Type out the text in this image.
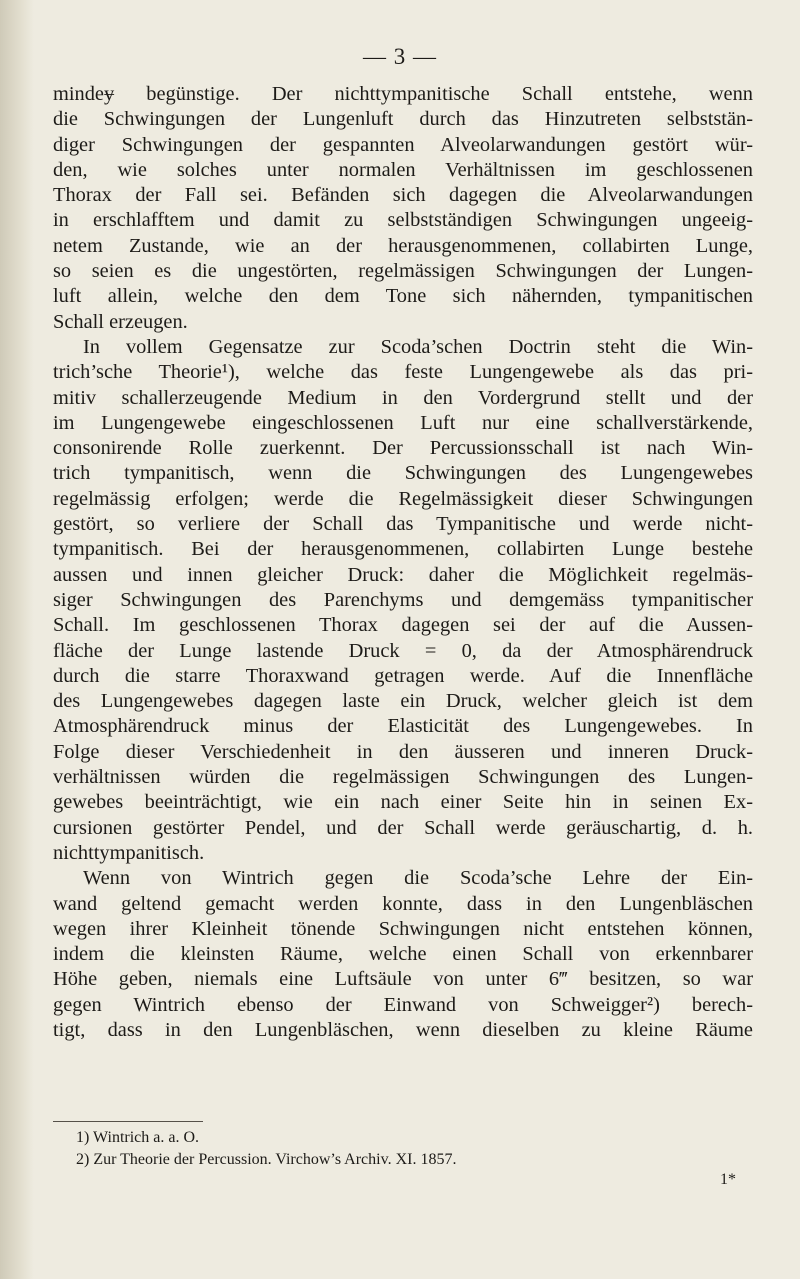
— 3 —
mindeɏ begünstige. Der nichttympanitische Schall entstehe, wenn
die Schwingungen der Lungenluft durch das Hinzutreten selbststän-
diger Schwingungen der gespannten Alveolarwandungen gestört wür-
den, wie solches unter normalen Verhältnissen im geschlossenen
Thorax der Fall sei. Befänden sich dagegen die Alveolarwandungen
in erschlafftem und damit zu selbstständigen Schwingungen ungeeig-
netem Zustande, wie an der herausgenommenen, collabirten Lunge,
so seien es die ungestörten, regelmässigen Schwingungen der Lungen-
luft allein, welche den dem Tone sich nähernden, tympanitischen
Schall erzeugen.
In vollem Gegensatze zur Scoda’schen Doctrin steht die Win-
trich’sche Theorie¹), welche das feste Lungengewebe als das pri-
mitiv schallerzeugende Medium in den Vordergrund stellt und der
im Lungengewebe eingeschlossenen Luft nur eine schallverstärkende,
consonirende Rolle zuerkennt. Der Percussionsschall ist nach Win-
trich tympanitisch, wenn die Schwingungen des Lungengewebes
regelmässig erfolgen; werde die Regelmässigkeit dieser Schwingungen
gestört, so verliere der Schall das Tympanitische und werde nicht-
tympanitisch. Bei der herausgenommenen, collabirten Lunge bestehe
aussen und innen gleicher Druck: daher die Möglichkeit regelmäs-
siger Schwingungen des Parenchyms und demgemäss tympanitischer
Schall. Im geschlossenen Thorax dagegen sei der auf die Aussen-
fläche der Lunge lastende Druck = 0, da der Atmosphärendruck
durch die starre Thoraxwand getragen werde. Auf die Innenfläche
des Lungengewebes dagegen laste ein Druck, welcher gleich ist dem
Atmosphärendruck minus der Elasticität des Lungengewebes. In
Folge dieser Verschiedenheit in den äusseren und inneren Druck-
verhältnissen würden die regelmässigen Schwingungen des Lungen-
gewebes beeinträchtigt, wie ein nach einer Seite hin in seinen Ex-
cursionen gestörter Pendel, und der Schall werde geräuschartig, d. h.
nichttympanitisch.
Wenn von Wintrich gegen die Scoda’sche Lehre der Ein-
wand geltend gemacht werden konnte, dass in den Lungenbläschen
wegen ihrer Kleinheit tönende Schwingungen nicht entstehen können,
indem die kleinsten Räume, welche einen Schall von erkennbarer
Höhe geben, niemals eine Luftsäule von unter 6‴ besitzen, so war
gegen Wintrich ebenso der Einwand von Schweigger²) berech-
tigt, dass in den Lungenbläschen, wenn dieselben zu kleine Räume
1) Wintrich a. a. O.
2) Zur Theorie der Percussion. Virchow’s Archiv. XI. 1857.
1*
